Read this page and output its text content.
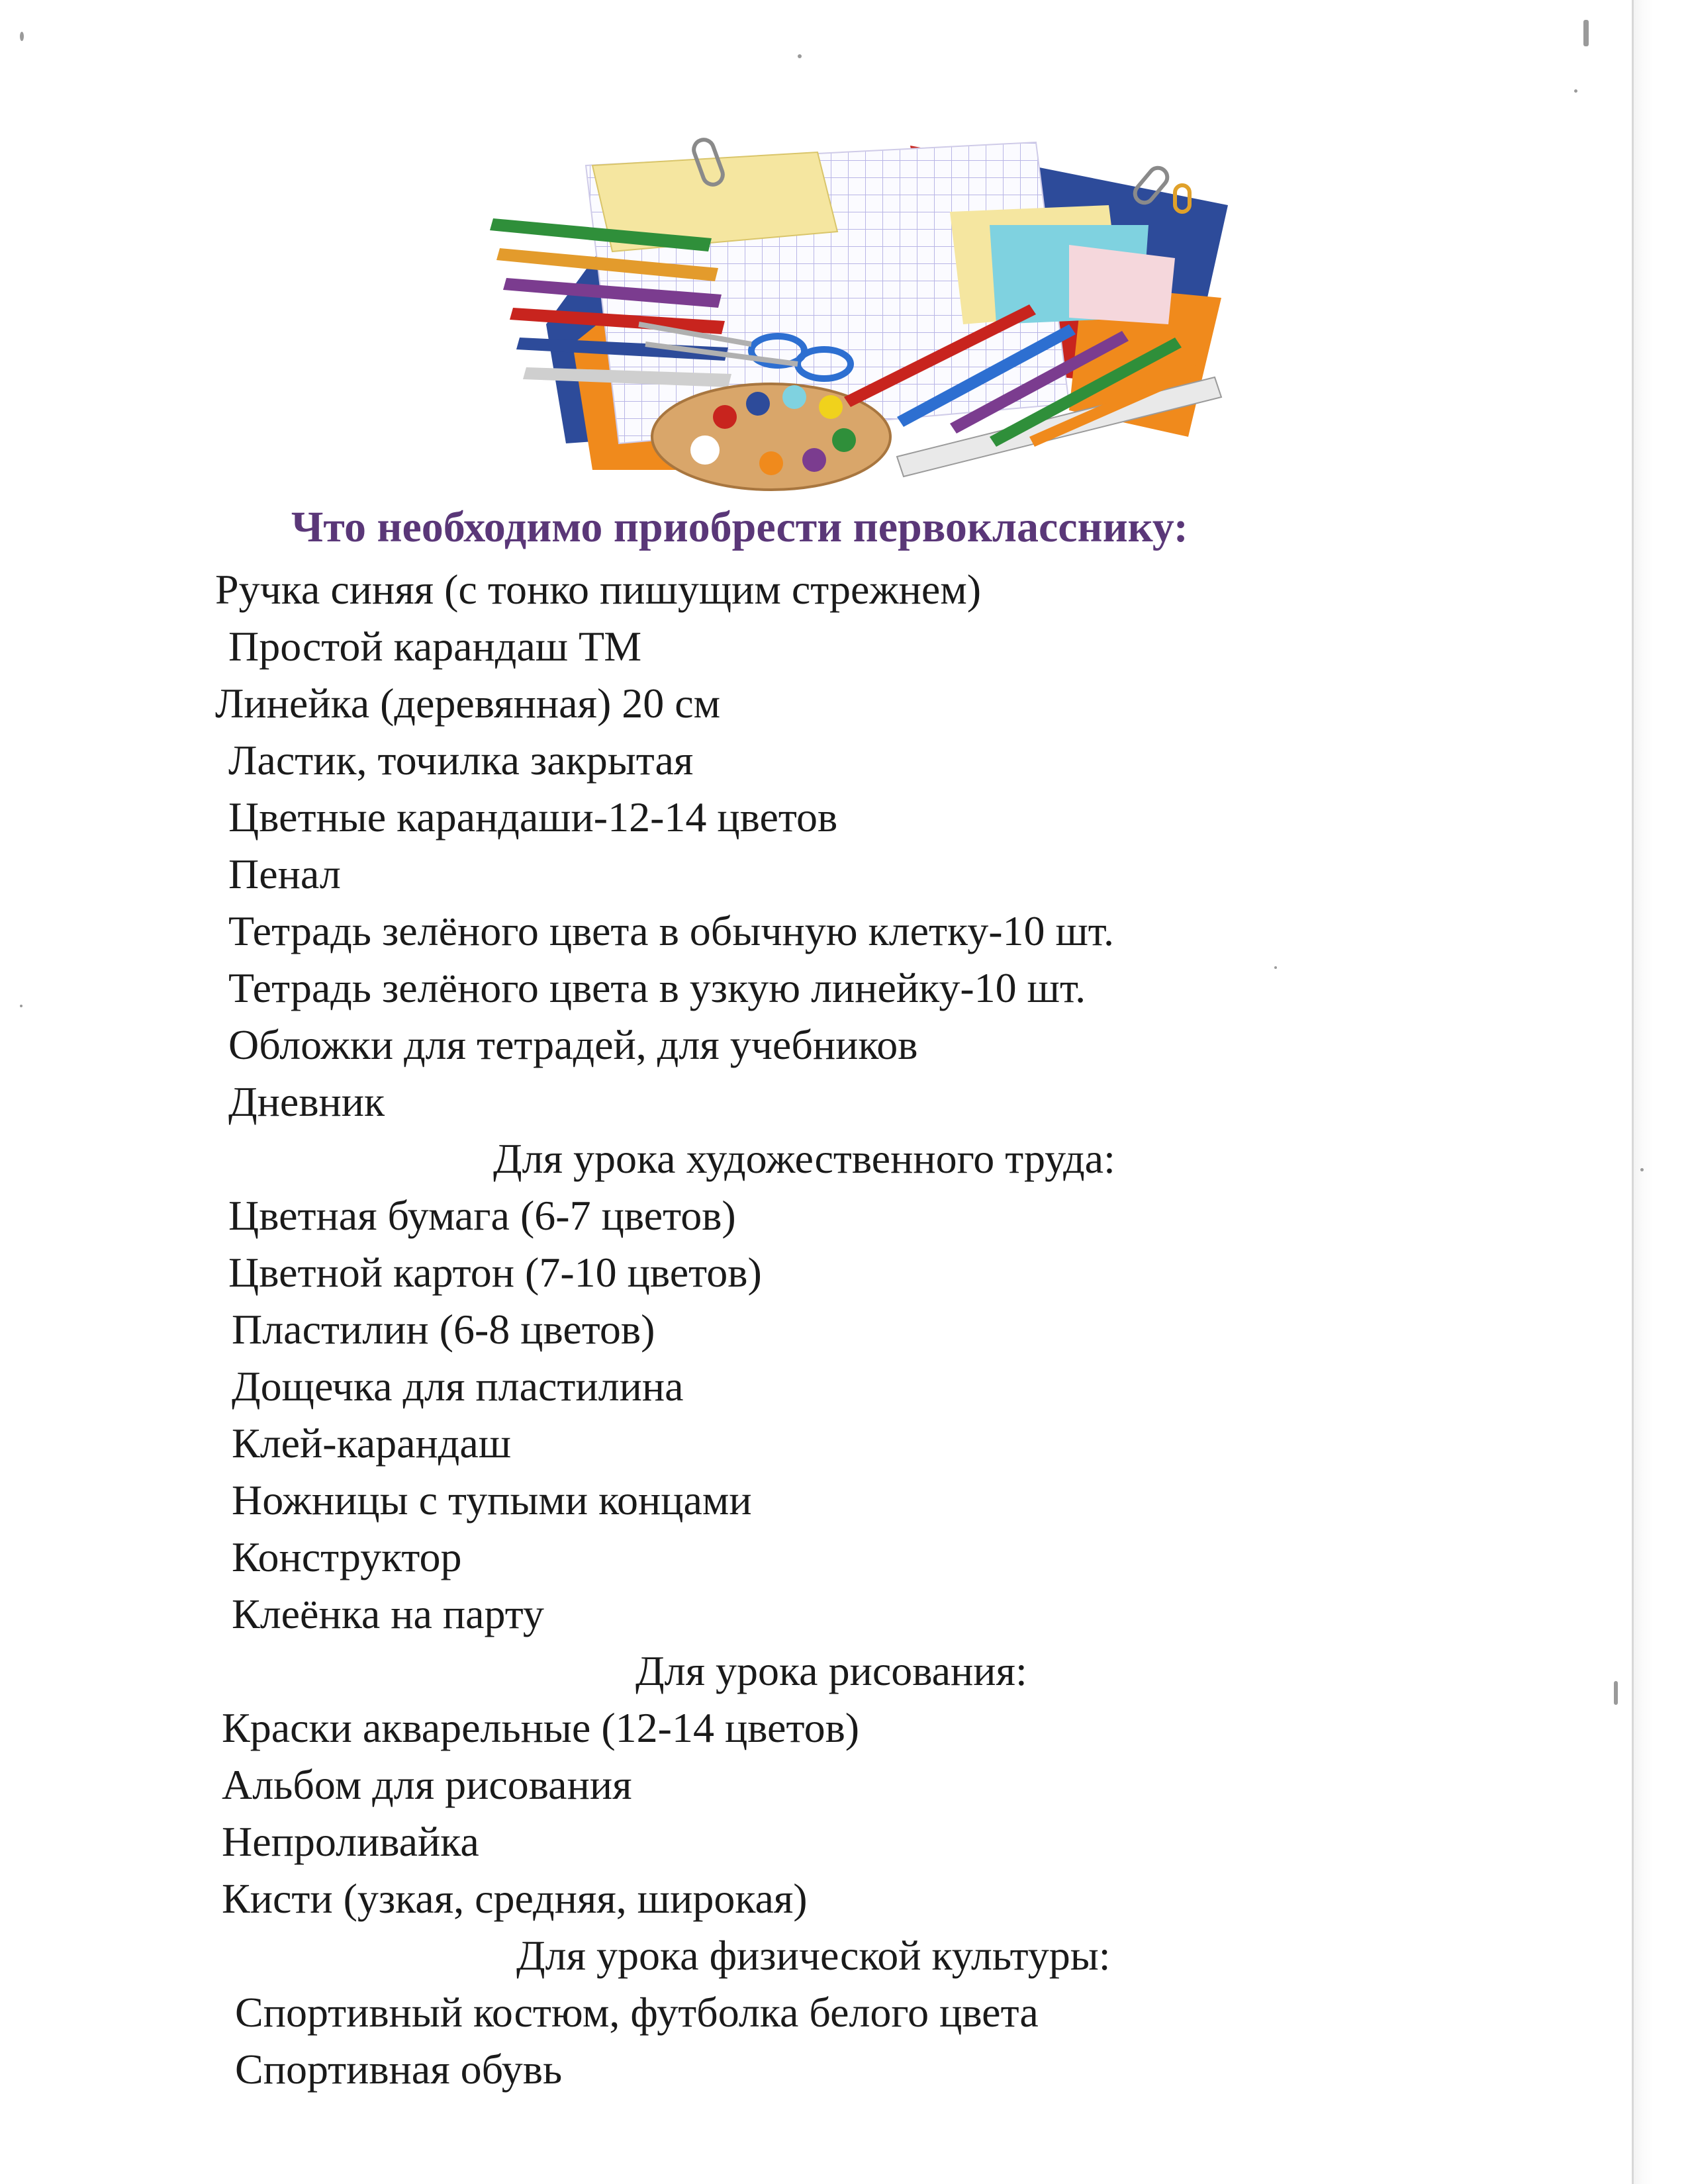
Что необходимо приобрести первокласснику:
Ручка синяя (с тонко пишущим стрежнем)
Простой карандаш ТМ
Линейка (деревянная) 20 см
Ластик, точилка закрытая
Цветные карандаши-12-14 цветов
Пенал
Тетрадь зелёного цвета в обычную клетку-10 шт.
Тетрадь зелёного цвета в узкую линейку-10 шт.
Обложки для тетрадей, для учебников
Дневник
Для урока художественного труда:
Цветная бумага (6-7 цветов)
Цветной картон (7-10 цветов)
Пластилин (6-8 цветов)
Дощечка для пластилина
Клей-карандаш
Ножницы с тупыми концами
Конструктор
Клеёнка на парту
Для урока рисования:
Краски акварельные (12-14 цветов)
Альбом для рисования
Непроливайка
Кисти (узкая, средняя, широкая)
Для урока физической культуры:
Спортивный костюм, футболка белого цвета
Спортивная обувь
